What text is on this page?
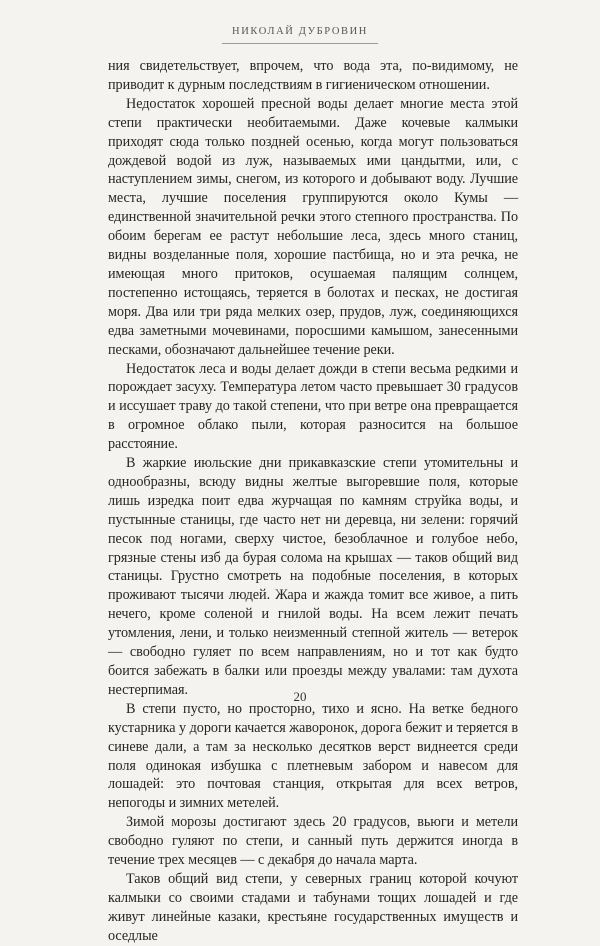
НИКОЛАЙ ДУБРОВИН

ния свидетельствует, впрочем, что вода эта, по-видимому, не приводит к дурным последствиям в гигиеническом отношении.

Недостаток хорошей пресной воды делает многие места этой степи практически необитаемыми. Даже кочевые калмыки приходят сюда только поздней осенью, когда могут пользоваться дождевой водой из луж, называемых ими цандытми, или, с наступлением зимы, снегом, из которого и добывают воду. Лучшие места, лучшие поселения группируются около Кумы — единственной значительной речки этого степного пространства. По обоим берегам ее растут небольшие леса, здесь много станиц, видны возделанные поля, хорошие пастбища, но и эта речка, не имеющая много притоков, осушаемая палящим солнцем, постепенно истощаясь, теряется в болотах и песках, не достигая моря. Два или три ряда мелких озер, прудов, луж, соединяющихся едва заметными мочевинами, поросшими камышом, занесенными песками, обозначают дальнейшее течение реки.

Недостаток леса и воды делает дожди в степи весьма редкими и порождает засуху. Температура летом часто превышает 30 градусов и иссушает траву до такой степени, что при ветре она превращается в огромное облако пыли, которая разносится на большое расстояние.

В жаркие июльские дни прикавказские степи утомительны и однообразны, всюду видны желтые выгоревшие поля, которые лишь изредка поит едва журчащая по камням струйка воды, и пустынные станицы, где часто нет ни деревца, ни зелени: горячий песок под ногами, сверху чистое, безоблачное и голубое небо, грязные стены изб да бурая солома на крышах — таков общий вид станицы. Грустно смотреть на подобные поселения, в которых проживают тысячи людей. Жара и жажда томит все живое, а пить нечего, кроме соленой и гнилой воды. На всем лежит печать утомления, лени, и только неизменный степной житель — ветерок — свободно гуляет по всем направлениям, но и тот как будто боится забежать в балки или проезды между увалами: там духота нестерпимая.

В степи пусто, но просторно, тихо и ясно. На ветке бедного кустарника у дороги качается жаворонок, дорога бежит и теряется в синеве дали, а там за несколько десятков верст виднеется среди поля одинокая избушка с плетневым забором и навесом для лошадей: это почтовая станция, открытая для всех ветров, непогоды и зимних метелей.

Зимой морозы достигают здесь 20 градусов, вьюги и метели свободно гуляют по степи, и санный путь держится иногда в течение трех месяцев — с декабря до начала марта.

Таков общий вид степи, у северных границ которой кочуют калмыки со своими стадами и табунами тощих лошадей и где живут линейные казаки, крестьяне государственных имуществ и оседлые

20
